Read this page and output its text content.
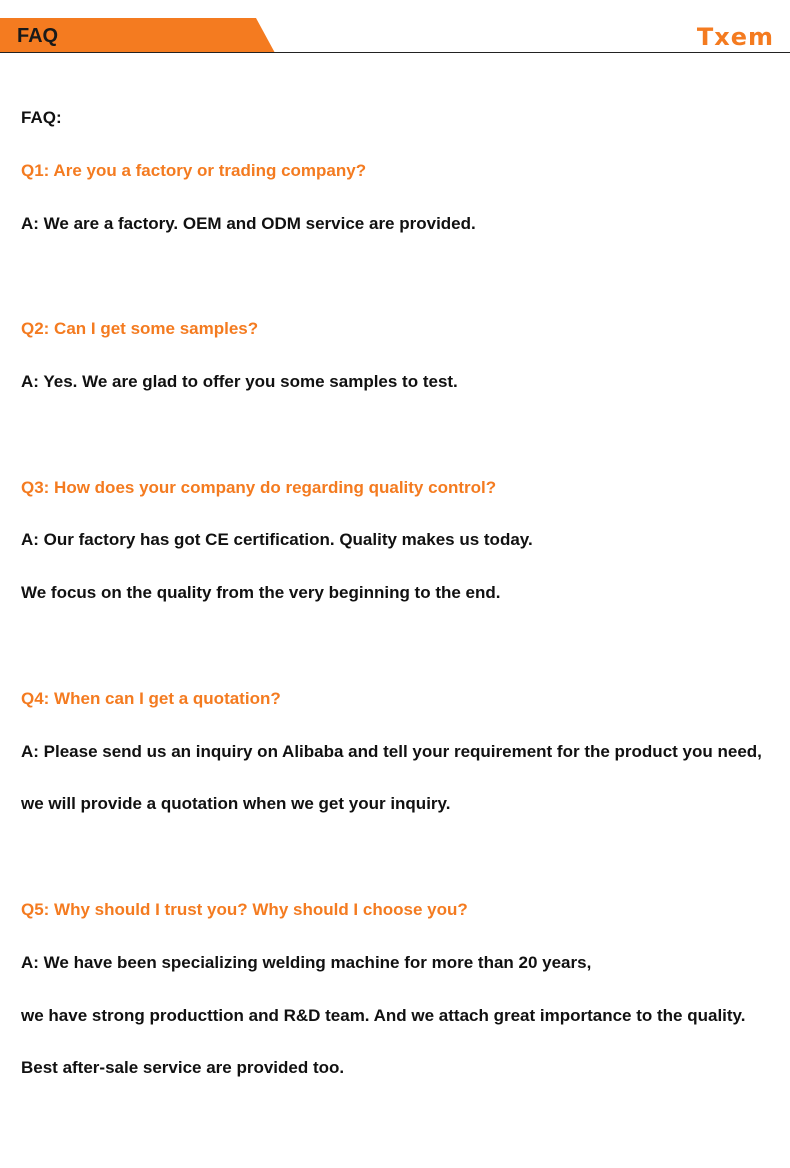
FAQ	Txem
FAQ:
Q1: Are you a factory or trading company?
A: We are a factory. OEM and ODM service are provided.
Q2: Can I get some samples?
A: Yes. We are glad to offer you some samples to test.
Q3: How does your company do regarding quality control?
A: Our factory has got CE certification. Quality makes us today.
We focus on the quality from the very beginning to the end.
Q4: When can I get a quotation?
A: Please send us an inquiry on Alibaba and tell your requirement for the product you need,
we will provide a quotation when we get your inquiry.
Q5: Why should I trust you? Why should I choose you?
A: We have been specializing welding machine for more than 20 years,
we have strong producttion and R&D team. And we attach great importance to the quality.
Best after-sale service are provided too.
